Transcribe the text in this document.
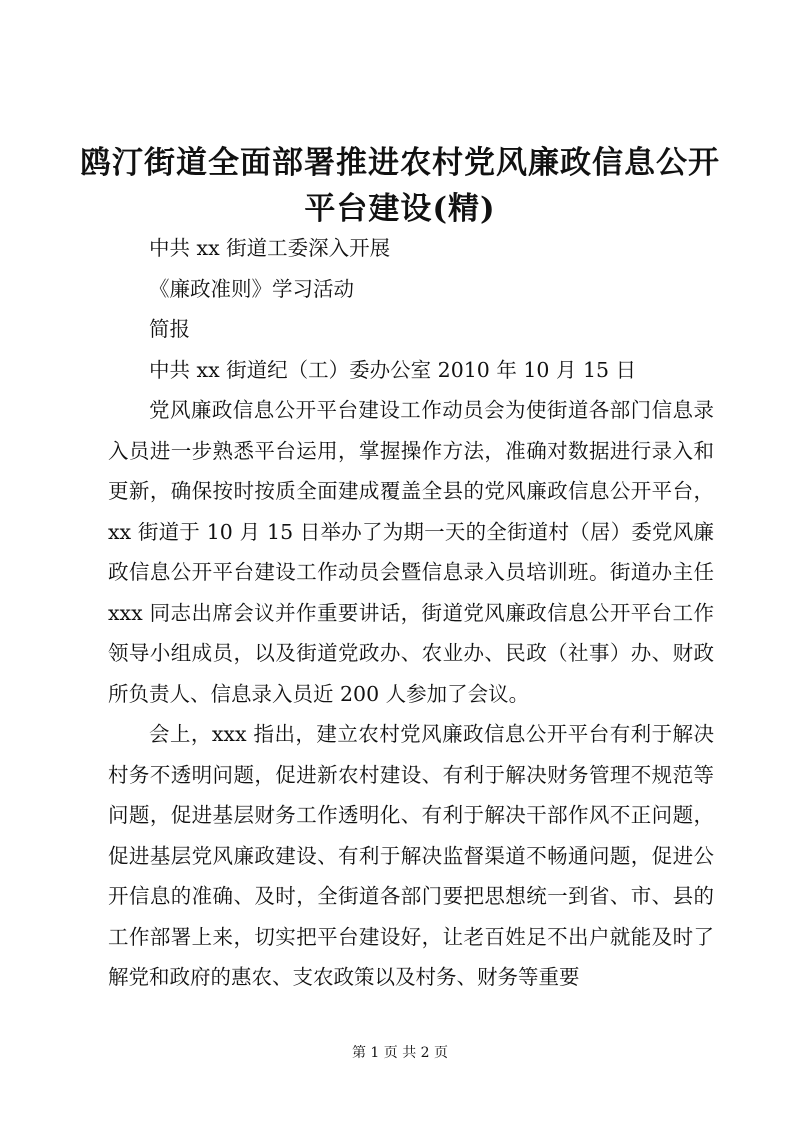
鸥汀街道全面部署推进农村党风廉政信息公开
平台建设(精)

中共 xx 街道工委深入开展

《廉政准则》学习活动

简报

中共 xx 街道纪（工）委办公室 2010 年 10 月 15 日

党风廉政信息公开平台建设工作动员会为使街道各部门信息录入员进一步熟悉平台运用，掌握操作方法，准确对数据进行录入和更新，确保按时按质全面建成覆盖全县的党风廉政信息公开平台，xx 街道于 10 月 15 日举办了为期一天的全街道村（居）委党风廉政信息公开平台建设工作动员会暨信息录入员培训班。街道办主任 xxx 同志出席会议并作重要讲话，街道党风廉政信息公开平台工作领导小组成员，以及街道党政办、农业办、民政（社事）办、财政所负责人、信息录入员近 200 人参加了会议。

会上，xxx 指出，建立农村党风廉政信息公开平台有利于解决村务不透明问题，促进新农村建设、有利于解决财务管理不规范等问题，促进基层财务工作透明化、有利于解决干部作风不正问题，促进基层党风廉政建设、有利于解决监督渠道不畅通问题，促进公开信息的准确、及时，全街道各部门要把思想统一到省、市、县的工作部署上来，切实把平台建设好，让老百姓足不出户就能及时了解党和政府的惠农、支农政策以及村务、财务等重要

第 1 页 共 2 页
